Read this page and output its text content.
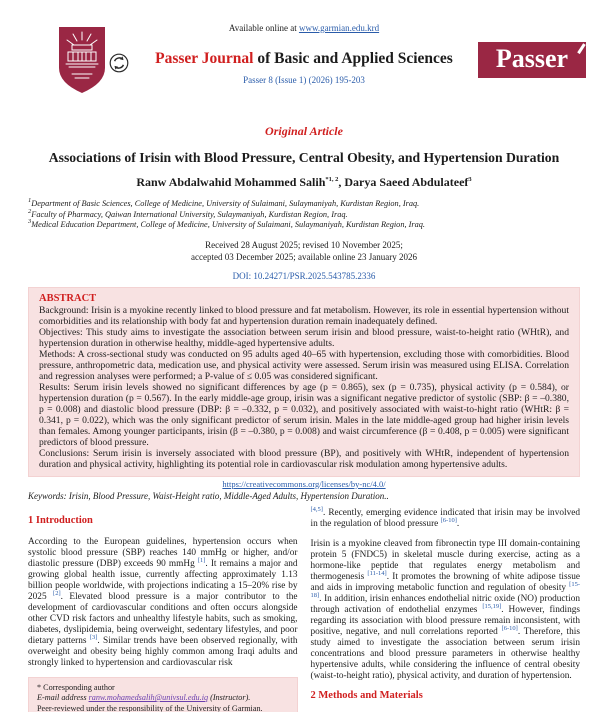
Available online at www.garmian.edu.krd
Passer Journal of Basic and Applied Sciences
Passer 8 (Issue 1) (2026) 195-203
Passer
Original Article
Associations of Irisin with Blood Pressure, Central Obesity, and Hypertension Duration
Ranw Abdalwahid Mohammed Salih$^{*1, 2}$, Darya Saeed Abdulateef$^3$
$^1$Department of Basic Sciences, College of Medicine, University of Sulaimani, Sulaymaniyah, Kurdistan Region, Iraq.
$^2$Faculty of Pharmacy, Qaiwan International University, Sulaymaniyah, Kurdistan Region, Iraq.
$^3$Medical Education Department, College of Medicine, University of Sulaimani, Sulaymaniyah, Kurdistan Region, Iraq.
Received 28 August 2025; revised 10 November 2025;
accepted 03 December 2025; available online 23 January 2026
DOI: 10.24271/PSR.2025.543785.2336
ABSTRACT

Background: Irisin is a myokine recently linked to blood pressure and fat metabolism. However, its role in essential hypertension without comorbidities and its relationship with body fat and hypertension duration remain inadequately defined.

Objectives: This study aims to investigate the association between serum irisin and blood pressure, waist-to-height ratio (WHtR), and hypertension duration in otherwise healthy, middle-aged hypertensive adults.

Methods: A cross-sectional study was conducted on 95 adults aged 40–65 with hypertension, excluding those with comorbidities. Blood pressure, anthropometric data, medication use, and physical activity were assessed. Serum irisin was measured using ELISA. Correlation and regression analyses were performed; a P-value of ≤ 0.05 was considered significant.

Results: Serum irisin levels showed no significant differences by age (p = 0.865), sex (p = 0.735), physical activity (p = 0.584), or hypertension duration (p = 0.567). In the early middle-age group, irisin was a significant negative predictor of systolic (SBP: β = –0.380, p = 0.008) and diastolic blood pressure (DBP: β = –0.332, p = 0.032), and positively associated with waist-to-hight ratio (WHtR: β = 0.341, p = 0.022), which was the only significant predictor of serum irisin. Males in the late middle-aged group had higher irisin levels than females. Among younger participants, irisin (β = –0.380, p = 0.008) and waist circumference (β = 0.408, p = 0.005) were significant predictors of blood pressure.

Conclusions: Serum irisin is inversely associated with blood pressure (BP), and positively with WHtR, independent of hypertension duration and physical activity, highlighting its potential role in cardiovascular risk modulation among hypertensive adults.

https://creativecommons.org/licenses/by-nc/4.0/
Keywords: Irisin, Blood Pressure, Waist-Height ratio, Middle-Aged Adults, Hypertension Duration..
1 Introduction

According to the European guidelines, hypertension occurs when systolic blood pressure (SBP) reaches 140 mmHg or higher, and/or diastolic pressure (DBP) exceeds 90 mmHg [1]. It remains a major and growing global health issue, currently affecting approximately 1.13 billion people worldwide, with projections indicating a 15–20% rise by 2025 [2]. Elevated blood pressure is a major contributor to the development of cardiovascular conditions and often occurs alongside other CVD risk factors and unhealthy lifestyle habits, such as smoking, diabetes, dyslipidemia, being overweight, sedentary lifestyles, and poor dietary patterns [3]. Similar trends have been observed regionally, with overweight and obesity being highly common among Iraqi adults and strongly linked to hypertension and cardiovascular risk

* Corresponding author
E-mail address ranw.mohamedsalih@univsul.edu.iq (Instructor).
Peer-reviewed under the responsibility of the University of Garmian.

[4,5]. Recently, emerging evidence indicated that irisin may be involved in the regulation of blood pressure [6-10].

Irisin is a myokine cleaved from fibronectin type III domain-containing protein 5 (FNDC5) in skeletal muscle during exercise, acting as a hormone-like peptide that regulates energy metabolism and thermogenesis [11-14]. It promotes the browning of white adipose tissue and aids in improving metabolic function and regulation of obesity [15-18]. In addition, irisin enhances endothelial nitric oxide (NO) production through activation of endothelial enzymes [15,19]. However, findings regarding its association with blood pressure remain inconsistent, with positive, negative, and null correlations reported [6-10]. Therefore, this study aimed to investigate the association between serum irisin concentrations and blood pressure parameters in otherwise healthy hypertensive adults, while considering the influence of central obesity (waist-to-height ratio), physical activity, and duration of hypertension.

2 Methods and Materials
